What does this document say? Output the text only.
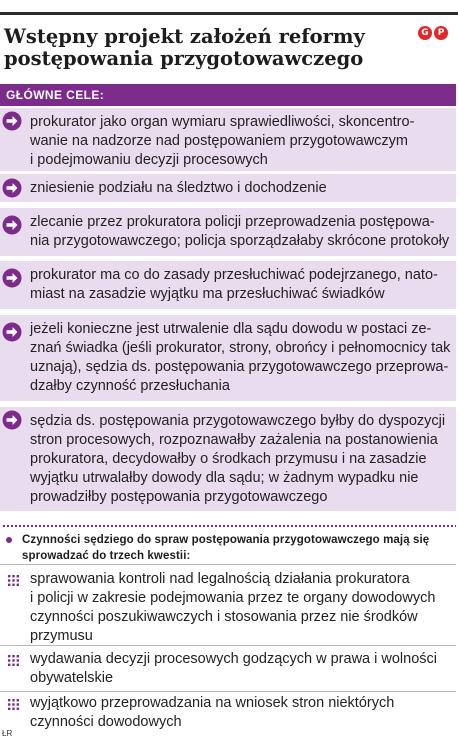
Wstępny projekt założeń reformy
postępowania przygotowawczego
G	P
GŁÓWNE CELE:
prokurator jako organ wymiaru sprawiedliwości, skoncentro-
wanie na nadzorze nad postępowaniem przygotowawczym
i podejmowaniu decyzji procesowych
zniesienie podziału na śledztwo i dochodzenie
zlecanie przez prokuratora policji przeprowadzenia postępowa-
nia przygotowawczego; policja sporządzałaby skrócone protokoły
prokurator ma co do zasady przesłuchiwać podejrzanego, nato-
miast na zasadzie wyjątku ma przesłuchiwać świadków
jeżeli konieczne jest utrwalenie dla sądu dowodu w postaci ze-
znań świadka (jeśli prokurator, strony, obrońcy i pełnomocnicy tak
uznają), sędzia ds. postępowania przygotowawczego przeprowa-
dzałby czynność przesłuchania
sędzia ds. postępowania przygotowawczego byłby do dyspozycji
stron procesowych, rozpoznawałby zażalenia na postanowienia
prokuratora, decydowałby o środkach przymusu i na zasadzie
wyjątku utrwalałby dowody dla sądu; w żadnym wypadku nie
prowadziłby postępowania przygotowawczego
Czynności sędziego do spraw postępowania przygotowawczego mają się
sprowadzać do trzech kwestii:
sprawowania kontroli nad legalnością działania prokuratora
i policji w zakresie podejmowania przez te organy dowodowych
czynności poszukiwawczych i stosowania przez nie środków
przymusu
wydawania decyzji procesowych godzących w prawa i wolności
obywatelskie
wyjątkowo przeprowadzania na wniosek stron niektórych
czynności dowodowych
ŁR
